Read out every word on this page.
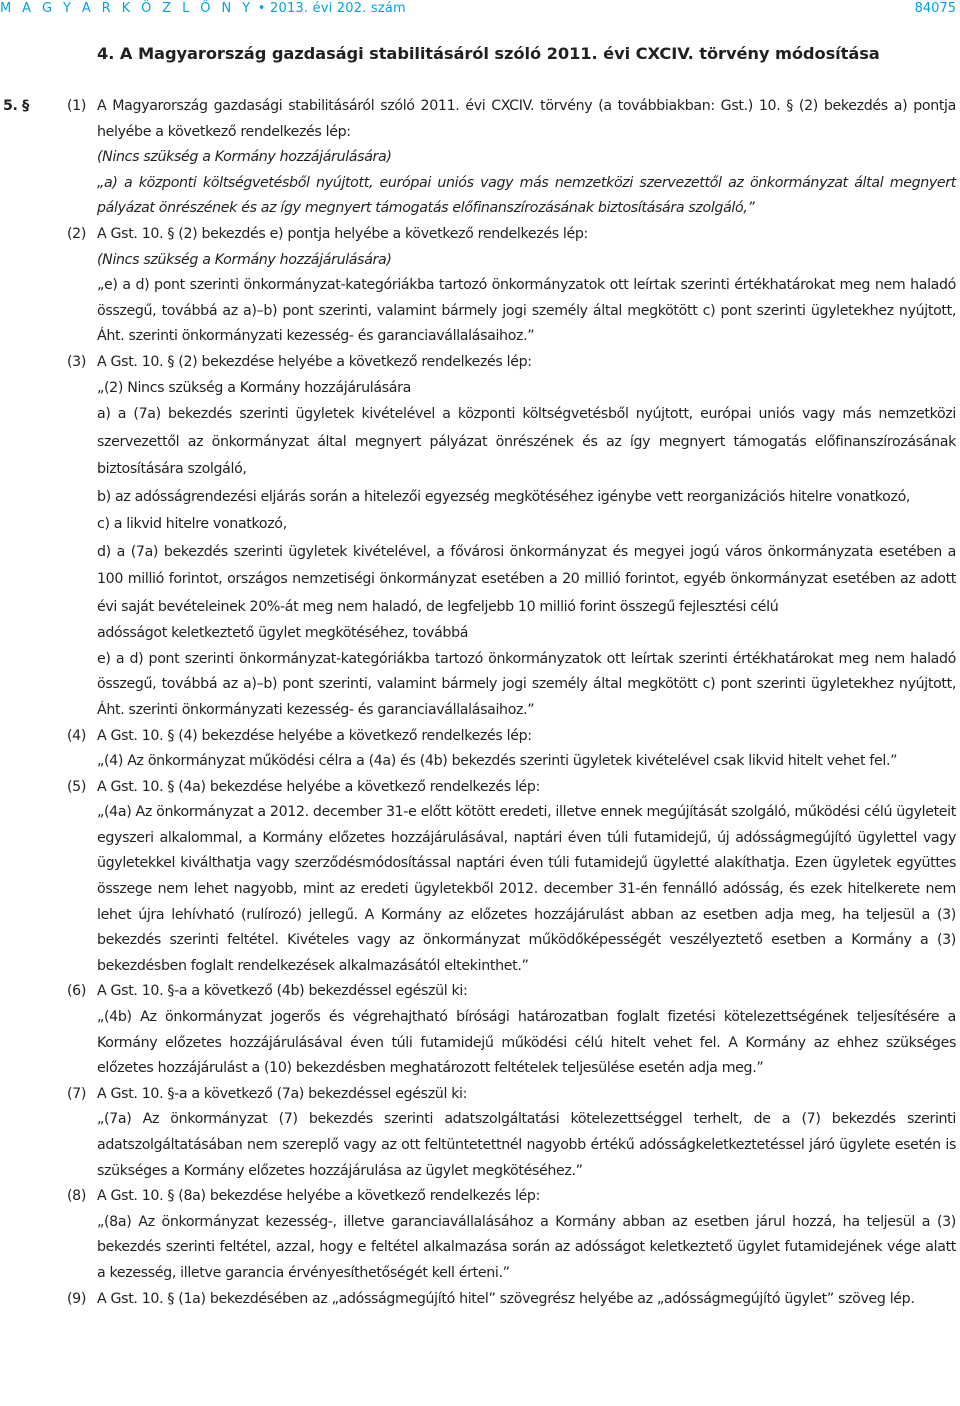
M A G Y A R K Ö Z L Ö N Y • 2013. évi 202. szám	84075
4. A Magyarország gazdasági stabilitásáról szóló 2011. évi CXCIV. törvény módosítása
5. §	(1) A Magyarország gazdasági stabilitásáról szóló 2011. évi CXCIV. törvény (a továbbiakban: Gst.) 10. § (2) bekezdés a) pontja helyébe a következő rendelkezés lép:
(Nincs szükség a Kormány hozzájárulására)
„a) a központi költségvetésből nyújtott, európai uniós vagy más nemzetközi szervezettől az önkormányzat által megnyert pályázat önrészének és az így megnyert támogatás előfinanszírozásának biztosítására szolgáló,”
(2) A Gst. 10. § (2) bekezdés e) pontja helyébe a következő rendelkezés lép:
(Nincs szükség a Kormány hozzájárulására)
„e) a d) pont szerinti önkormányzat-kategóriákba tartozó önkormányzatok ott leírtak szerinti értékhatárokat meg nem haladó összegű, továbbá az a)–b) pont szerinti, valamint bármely jogi személy által megkötött c) pont szerinti ügyletekhez nyújtott, Áht. szerinti önkormányzati kezesség- és garanciavállalásaihoz.”
(3) A Gst. 10. § (2) bekezdése helyébe a következő rendelkezés lép:
„(2) Nincs szükség a Kormány hozzájárulására
a) a (7a) bekezdés szerinti ügyletek kivételével a központi költségvetésből nyújtott, európai uniós vagy más nemzetközi szervezettől az önkormányzat által megnyert pályázat önrészének és az így megnyert támogatás előfinanszírozásának biztosítására szolgáló,
b) az adósságrendezési eljárás során a hitelezői egyezség megkötéséhez igénybe vett reorganizációs hitelre vonatkozó,
c) a likvid hitelre vonatkozó,
d) a (7a) bekezdés szerinti ügyletek kivételével, a fővárosi önkormányzat és megyei jogú város önkormányzata esetében a 100 millió forintot, országos nemzetiségi önkormányzat esetében a 20 millió forintot, egyéb önkormányzat esetében az adott évi saját bevételeinek 20%-át meg nem haladó, de legfeljebb 10 millió forint összegű fejlesztési célú
adósságot keletkeztető ügylet megkötéséhez, továbbá
e) a d) pont szerinti önkormányzat-kategóriákba tartozó önkormányzatok ott leírtak szerinti értékhatárokat meg nem haladó összegű, továbbá az a)–b) pont szerinti, valamint bármely jogi személy által megkötött c) pont szerinti ügyletekhez nyújtott, Áht. szerinti önkormányzati kezesség- és garanciavállalásaihoz.”
(4) A Gst. 10. § (4) bekezdése helyébe a következő rendelkezés lép:
„(4) Az önkormányzat működési célra a (4a) és (4b) bekezdés szerinti ügyletek kivételével csak likvid hitelt vehet fel.”
(5) A Gst. 10. § (4a) bekezdése helyébe a következő rendelkezés lép:
„(4a) Az önkormányzat a 2012. december 31-e előtt kötött eredeti, illetve ennek megújítását szolgáló, működési célú ügyleteit egyszeri alkalommal, a Kormány előzetes hozzájárulásával, naptári éven túli futamidejű, új adósságmegújító ügylettel vagy ügyletekkel kiválthatja vagy szerződésmódosítással naptári éven túli futamidejű ügyletté alakíthatja. Ezen ügyletek együttes összege nem lehet nagyobb, mint az eredeti ügyletekből 2012. december 31-én fennálló adósság, és ezek hitelkerete nem lehet újra lehívható (rulírozó) jellegű. A Kormány az előzetes hozzájárulást abban az esetben adja meg, ha teljesül a (3) bekezdés szerinti feltétel. Kivételes vagy az önkormányzat működőképességét veszélyeztető esetben a Kormány a (3) bekezdésben foglalt rendelkezések alkalmazásától eltekinthet.”
(6) A Gst. 10. §-a a következő (4b) bekezdéssel egészül ki:
„(4b) Az önkormányzat jogerős és végrehajtható bírósági határozatban foglalt fizetési kötelezettségének teljesítésére a Kormány előzetes hozzájárulásával éven túli futamidejű működési célú hitelt vehet fel. A Kormány az ehhez szükséges előzetes hozzájárulást a (10) bekezdésben meghatározott feltételek teljesülése esetén adja meg.”
(7) A Gst. 10. §-a a következő (7a) bekezdéssel egészül ki:
„(7a) Az önkormányzat (7) bekezdés szerinti adatszolgáltatási kötelezettséggel terhelt, de a (7) bekezdés szerinti adatszolgáltatásában nem szereplő vagy az ott feltüntetettnél nagyobb értékű adósságkeletkeztetéssel járó ügylete esetén is szükséges a Kormány előzetes hozzájárulása az ügylet megkötéséhez.”
(8) A Gst. 10. § (8a) bekezdése helyébe a következő rendelkezés lép:
„(8a) Az önkormányzat kezesség-, illetve garanciavállalásához a Kormány abban az esetben járul hozzá, ha teljesül a (3) bekezdés szerinti feltétel, azzal, hogy e feltétel alkalmazása során az adósságot keletkeztető ügylet futamidejének vége alatt a kezesség, illetve garancia érvényesíthetőségét kell érteni.”
(9) A Gst. 10. § (1a) bekezdésében az „adósságmegújító hitel” szövegrész helyébe az „adósságmegújító ügylet” szöveg lép.
